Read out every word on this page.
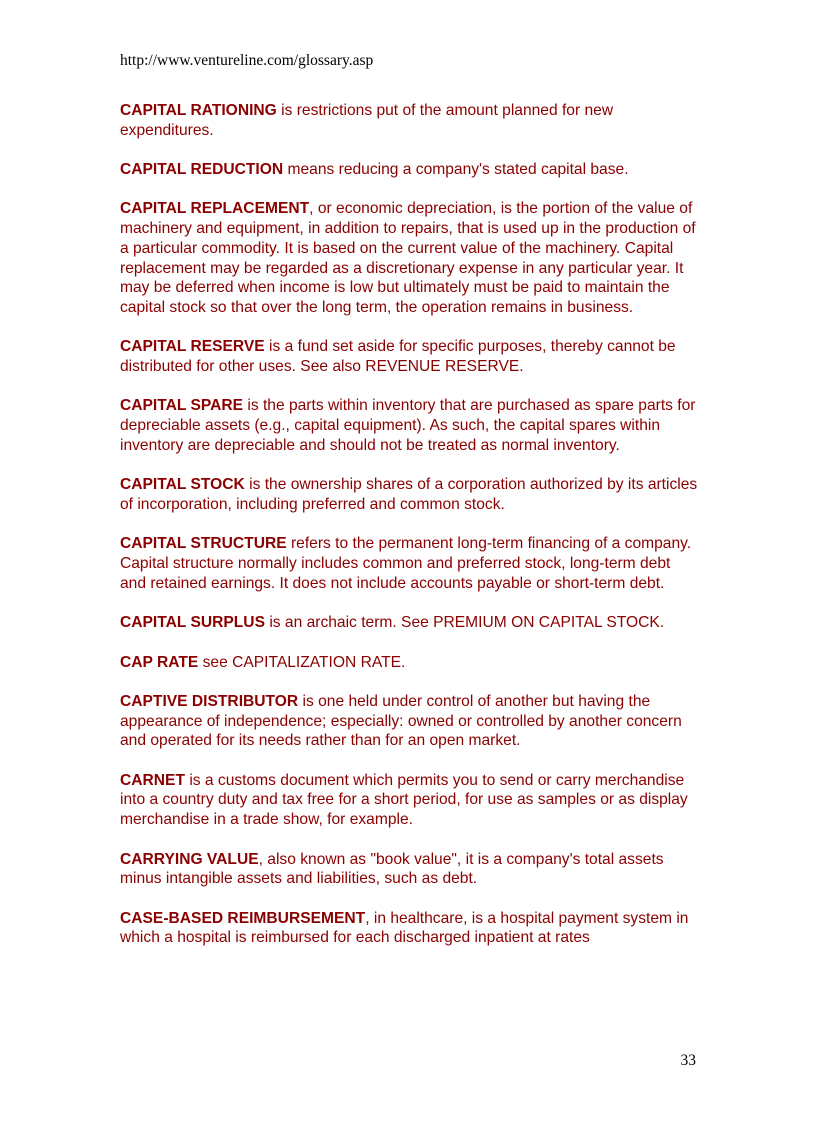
http://www.ventureline.com/glossary.asp

CAPITAL RATIONING is restrictions put of the amount planned for new expenditures.

CAPITAL REDUCTION means reducing a company's stated capital base.

CAPITAL REPLACEMENT, or economic depreciation, is the portion of the value of machinery and equipment, in addition to repairs, that is used up in the production of a particular commodity. It is based on the current value of the machinery. Capital replacement may be regarded as a discretionary expense in any particular year. It may be deferred when income is low but ultimately must be paid to maintain the capital stock so that over the long term, the operation remains in business.

CAPITAL RESERVE is a fund set aside for specific purposes, thereby cannot be distributed for other uses. See also REVENUE RESERVE.

CAPITAL SPARE is the parts within inventory that are purchased as spare parts for depreciable assets (e.g., capital equipment). As such, the capital spares within inventory are depreciable and should not be treated as normal inventory.

CAPITAL STOCK is the ownership shares of a corporation authorized by its articles of incorporation, including preferred and common stock.

CAPITAL STRUCTURE refers to the permanent long-term financing of a company. Capital structure normally includes common and preferred stock, long-term debt and retained earnings. It does not include accounts payable or short-term debt.

CAPITAL SURPLUS is an archaic term. See PREMIUM ON CAPITAL STOCK.

CAP RATE see CAPITALIZATION RATE.

CAPTIVE DISTRIBUTOR is one held under control of another but having the appearance of independence; especially: owned or controlled by another concern and operated for its needs rather than for an open market.

CARNET is a customs document which permits you to send or carry merchandise into a country duty and tax free for a short period, for use as samples or as display merchandise in a trade show, for example.

CARRYING VALUE, also known as "book value", it is a company's total assets minus intangible assets and liabilities, such as debt.

CASE-BASED REIMBURSEMENT, in healthcare, is a hospital payment system in which a hospital is reimbursed for each discharged inpatient at rates

33
